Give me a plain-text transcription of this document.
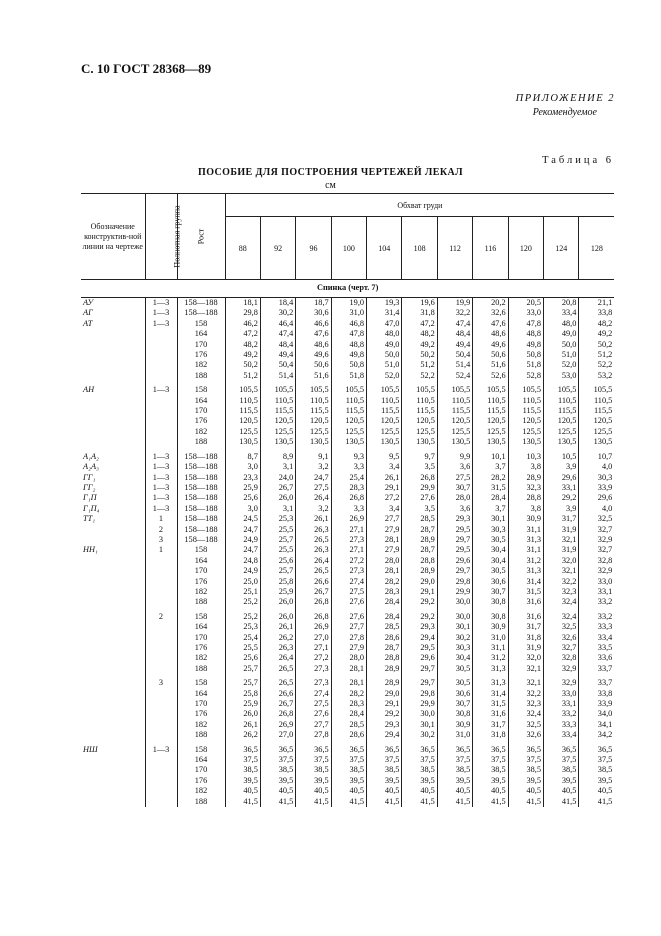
С. 10 ГОСТ 28368—89
ПРИЛОЖЕНИЕ 2
Рекомендуемое
Таблица 6
ПОСОБИЕ ДЛЯ ПОСТРОЕНИЯ ЧЕРТЕЖЕЙ ЛЕКАЛ
см
Обозначение конструктив-ной линии на чертеже	Полнотная группа	Рост	Обхват груди										
			88	92	96	100	104	108	112	116	120	124	128
Спинка (черт. 7)													
АУ	1—3	158—188	18,1	18,4	18,7	19,0	19,3	19,6	19,9	20,2	20,5	20,8	21,1
АГ	1—3	158—188	29,8	30,2	30,6	31,0	31,4	31,8	32,2	32,6	33,0	33,4	33,8
АТ	1—3	158	46,2	46,4	46,6	46,8	47,0	47,2	47,4	47,6	47,8	48,0	48,2
		164	47,2	47,4	47,6	47,8	48,0	48,2	48,4	48,6	48,8	49,0	49,2
		170	48,2	48,4	48,6	48,8	49,0	49,2	49,4	49,6	49,8	50,0	50,2
		176	49,2	49,4	49,6	49,8	50,0	50,2	50,4	50,6	50,8	51,0	51,2
		182	50,2	50,4	50,6	50,8	51,0	51,2	51,4	51,6	51,8	52,0	52,2
		188	51,2	51,4	51,6	51,8	52,0	52,2	52,4	52,6	52,8	53,0	53,2
АН	1—3	158	105,5	105,5	105,5	105,5	105,5	105,5	105,5	105,5	105,5	105,5	105,5
		164	110,5	110,5	110,5	110,5	110,5	110,5	110,5	110,5	110,5	110,5	110,5
		170	115,5	115,5	115,5	115,5	115,5	115,5	115,5	115,5	115,5	115,5	115,5
		176	120,5	120,5	120,5	120,5	120,5	120,5	120,5	120,5	120,5	120,5	120,5
		182	125,5	125,5	125,5	125,5	125,5	125,5	125,5	125,5	125,5	125,5	125,5
		188	130,5	130,5	130,5	130,5	130,5	130,5	130,5	130,5	130,5	130,5	130,5
А₁А₂	1—3	158—188	8,7	8,9	9,1	9,3	9,5	9,7	9,9	10,1	10,3	10,5	10,7
А₂А₃	1—3	158—188	3,0	3,1	3,2	3,3	3,4	3,5	3,6	3,7	3,8	3,9	4,0
ГГ₁	1—3	158—188	23,3	24,0	24,7	25,4	26,1	26,8	27,5	28,2	28,9	29,6	30,3
ГГ₂	1—3	158—188	25,9	26,7	27,5	28,3	29,1	29,9	30,7	31,5	32,3	33,1	33,9
Г₁П	1—3	158—188	25,6	26,0	26,4	26,8	27,2	27,6	28,0	28,4	28,8	29,2	29,6
Г₁П₄	1—3	158—188	3,0	3,1	3,2	3,3	3,4	3,5	3,6	3,7	3,8	3,9	4,0
ТТ₁	1	158—188	24,5	25,3	26,1	26,9	27,7	28,5	29,3	30,1	30,9	31,7	32,5
	2	158—188	24,7	25,5	26,3	27,1	27,9	28,7	29,5	30,3	31,1	31,9	32,7
	3	158—188	24,9	25,7	26,5	27,3	28,1	28,9	29,7	30,5	31,3	32,1	32,9
НН₁	1	158	24,7	25,5	26,3	27,1	27,9	28,7	29,5	30,4	31,1	31,9	32,7
		164	24,8	25,6	26,4	27,2	28,0	28,8	29,6	30,4	31,2	32,0	32,8
		170	24,9	25,7	26,5	27,3	28,1	28,9	29,7	30,5	31,3	32,1	32,9
		176	25,0	25,8	26,6	27,4	28,2	29,0	29,8	30,6	31,4	32,2	33,0
		182	25,1	25,9	26,7	27,5	28,3	29,1	29,9	30,7	31,5	32,3	33,1
		188	25,2	26,0	26,8	27,6	28,4	29,2	30,0	30,8	31,6	32,4	33,2
	2	158	25,2	26,0	26,8	27,6	28,4	29,2	30,0	30,8	31,6	32,4	33,2
		164	25,3	26,1	26,9	27,7	28,5	29,3	30,1	30,9	31,7	32,5	33,3
		170	25,4	26,2	27,0	27,8	28,6	29,4	30,2	31,0	31,8	32,6	33,4
		176	25,5	26,3	27,1	27,9	28,7	29,5	30,3	31,1	31,9	32,7	33,5
		182	25,6	26,4	27,2	28,0	28,8	29,6	30,4	31,2	32,0	32,8	33,6
		188	25,7	26,5	27,3	28,1	28,9	29,7	30,5	31,3	32,1	32,9	33,7
	3	158	25,7	26,5	27,3	28,1	28,9	29,7	30,5	31,3	32,1	32,9	33,7
		164	25,8	26,6	27,4	28,2	29,0	29,8	30,6	31,4	32,2	33,0	33,8
		170	25,9	26,7	27,5	28,3	29,1	29,9	30,7	31,5	32,3	33,1	33,9
		176	26,0	26,8	27,6	28,4	29,2	30,0	30,8	31,6	32,4	33,2	34,0
		182	26,1	26,9	27,7	28,5	29,3	30,1	30,9	31,7	32,5	33,3	34,1
		188	26,2	27,0	27,8	28,6	29,4	30,2	31,0	31,8	32,6	33,4	34,2
НШ	1—3	158	36,5	36,5	36,5	36,5	36,5	36,5	36,5	36,5	36,5	36,5	36,5
		164	37,5	37,5	37,5	37,5	37,5	37,5	37,5	37,5	37,5	37,5	37,5
		170	38,5	38,5	38,5	38,5	38,5	38,5	38,5	38,5	38,5	38,5	38,5
		176	39,5	39,5	39,5	39,5	39,5	39,5	39,5	39,5	39,5	39,5	39,5
		182	40,5	40,5	40,5	40,5	40,5	40,5	40,5	40,5	40,5	40,5	40,5
		188	41,5	41,5	41,5	41,5	41,5	41,5	41,5	41,5	41,5	41,5	41,5
